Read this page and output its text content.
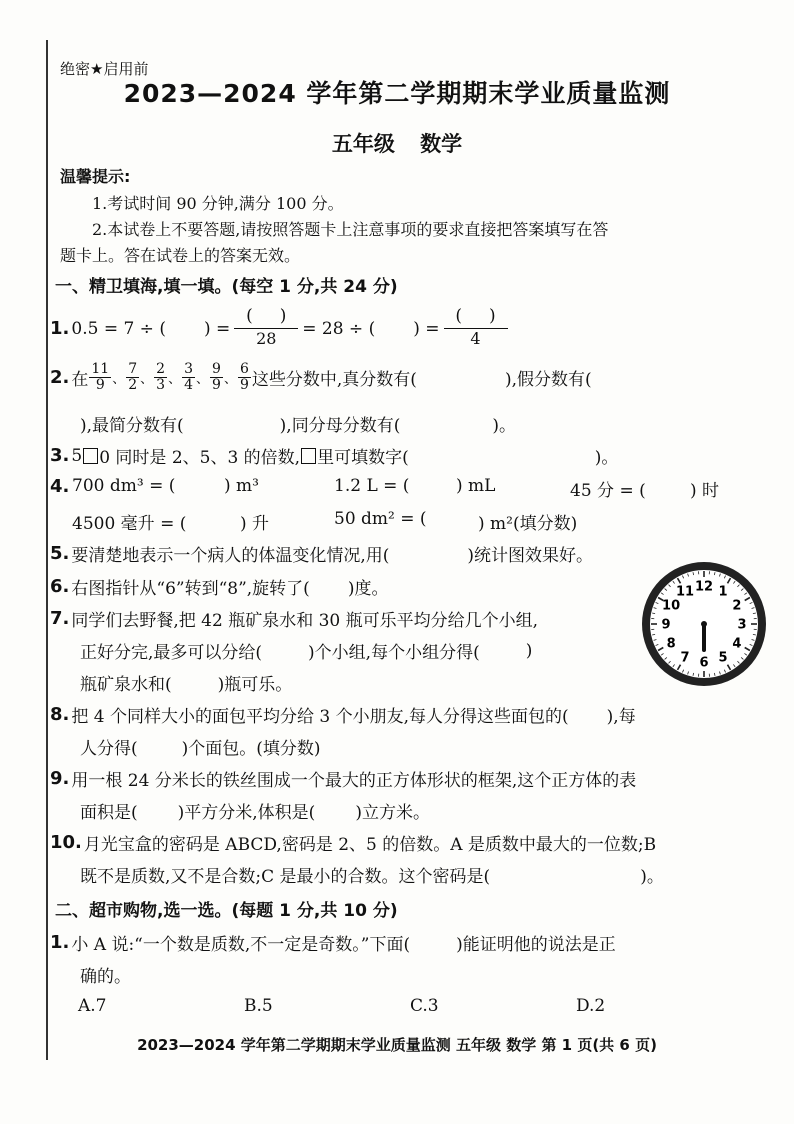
绝密★启用前
2023—2024 学年第二学期期末学业质量监测
五年级 数学
温馨提示:
1.考试时间 90 分钟,满分 100 分。
2.本试卷上不要答题,请按照答题卡上注意事项的要求直接把答案填写在答
题卡上。答在试卷上的答案无效。
一、精卫填海,填一填。(每空 1 分,共 24 分)
1. 0.5 = 7 ÷ ( ) = $\frac{( )}{28} = 28$ ÷ ( ) = $\frac{( )}{4}$
2. 在 $\frac{11}{9}$ 、 $\frac{7}{2}$ 、 $\frac{2}{3}$ 、 $\frac{3}{4}$ 、 $\frac{9}{9}$ 、 $\frac{6}{9}$ 这些分数中,真分数有(	),假分数有(
),最简分数有(	),同分母分数有(	)。
3. 5 0 同时是 2、5、3 的倍数, 里可填数字(	)。
4. 700 dm³ = (	) m³	1.2 L = (	) mL	45 分 = (	) 时
4500 毫升 = (	) 升	50 dm² = (	) m²(填分数)
5. 要清楚地表示一个病人的体温变化情况,用(	)统计图效果好。
6. 右图指针从“6”转到“8”,旋转了( )度。
7. 同学们去野餐,把 42 瓶矿泉水和 30 瓶可乐平均分给几个小组,
正好分完,最多可以分给(	)个小组,每个小组分得(	)
瓶矿泉水和(	)瓶可乐。
12 1
2
3
4
5
6
7
8
9
10
11
8. 把 4 个同样大小的面包平均分给 3 个小朋友,每人分得这些面包的( ),每
人分得(	)个面包。(填分数)
9. 用一根 24 分米长的铁丝围成一个最大的正方体形状的框架,这个正方体的表
面积是( )平方分米,体积是( )立方米。
10. 月光宝盒的密码是 ABCD,密码是 2、5 的倍数。A 是质数中最大的一位数;B
既不是质数,又不是合数;C 是最小的合数。这个密码是(	)。
二、超市购物,选一选。(每题 1 分,共 10 分)
1. 小 A 说:“一个数是质数,不一定是奇数。”下面(	)能证明他的说法是正
确的。
A.7	B.5	C.3	D.2
2023—2024 学年第二学期期末学业质量监测 五年级 数学 第 1 页(共 6 页)
